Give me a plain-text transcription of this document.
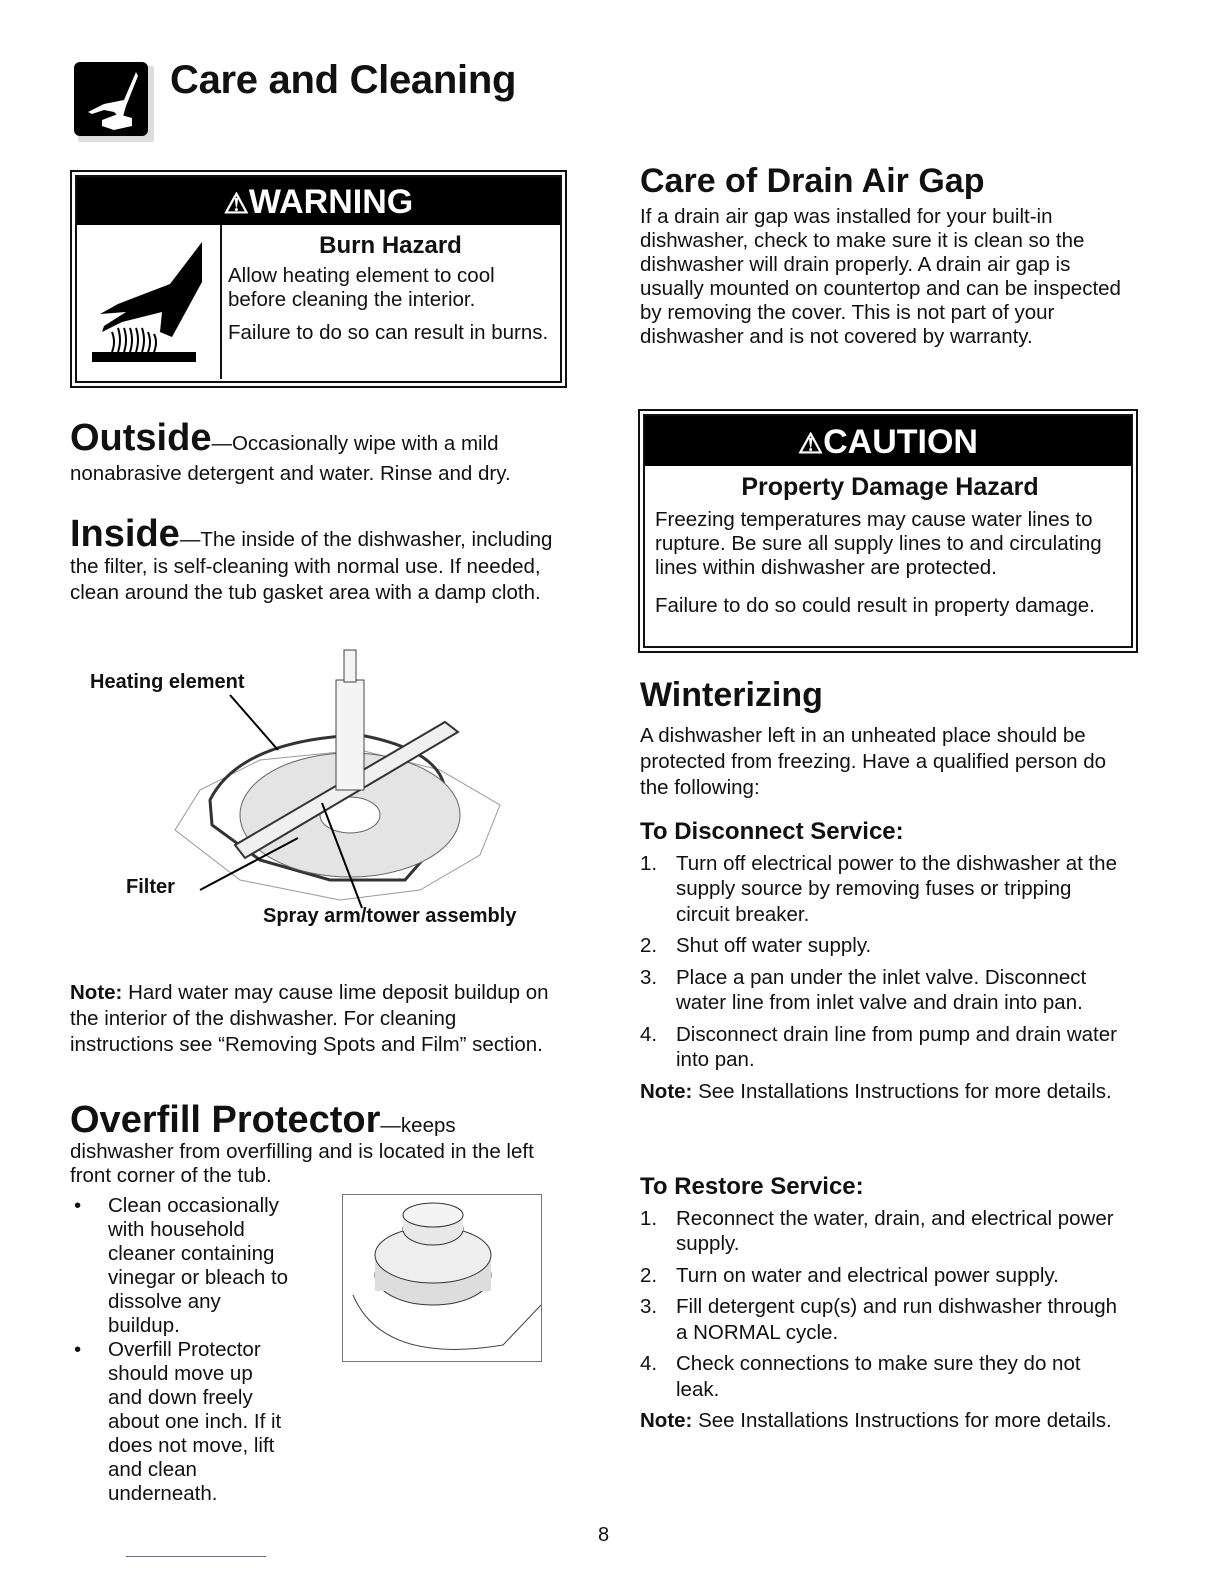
Care and Cleaning
⚠WARNING
Burn Hazard

Allow heating element to cool before cleaning the interior.

Failure to do so can result in burns.

Outside—Occasionally wipe with a mild nonabrasive detergent and water. Rinse and dry.
Inside—The inside of the dishwasher, including the filter, is self-cleaning with normal use. If needed, clean around the tub gasket area with a damp cloth.
Heating element
Filter
Spray arm/tower assembly
Note: Hard water may cause lime deposit buildup on the interior of the dishwasher. For cleaning instructions see “Removing Spots and Film” section.
Overfill Protector—keeps dishwasher from overfilling and is located in the left front corner of the tub.
• Clean occasionally with household cleaner containing vinegar or bleach to dissolve any buildup.
• Overfill Protector should move up and down freely about one inch. If it does not move, lift and clean underneath.
Care of Drain Air Gap

If a drain air gap was installed for your built-in dishwasher, check to make sure it is clean so the dishwasher will drain properly. A drain air gap is usually mounted on countertop and can be inspected by removing the cover. This is not part of your dishwasher and is not covered by warranty.

⚠CAUTION
Property Damage Hazard

Freezing temperatures may cause water lines to rupture. Be sure all supply lines to and circulating lines within dishwasher are protected.

Failure to do so could result in property damage.

Winterizing

A dishwasher left in an unheated place should be protected from freezing. Have a qualified person do the following:

To Disconnect Service:
1. Turn off electrical power to the dishwasher at the supply source by removing fuses or tripping circuit breaker.
2. Shut off water supply.
3. Place a pan under the inlet valve. Disconnect water line from inlet valve and drain into pan.
4. Disconnect drain line from pump and drain water into pan.

Note: See Installations Instructions for more details.

To Restore Service:
1. Reconnect the water, drain, and electrical power supply.
2. Turn on water and electrical power supply.
3. Fill detergent cup(s) and run dishwasher through a NORMAL cycle.
4. Check connections to make sure they do not leak.

Note: See Installations Instructions for more details.

8
